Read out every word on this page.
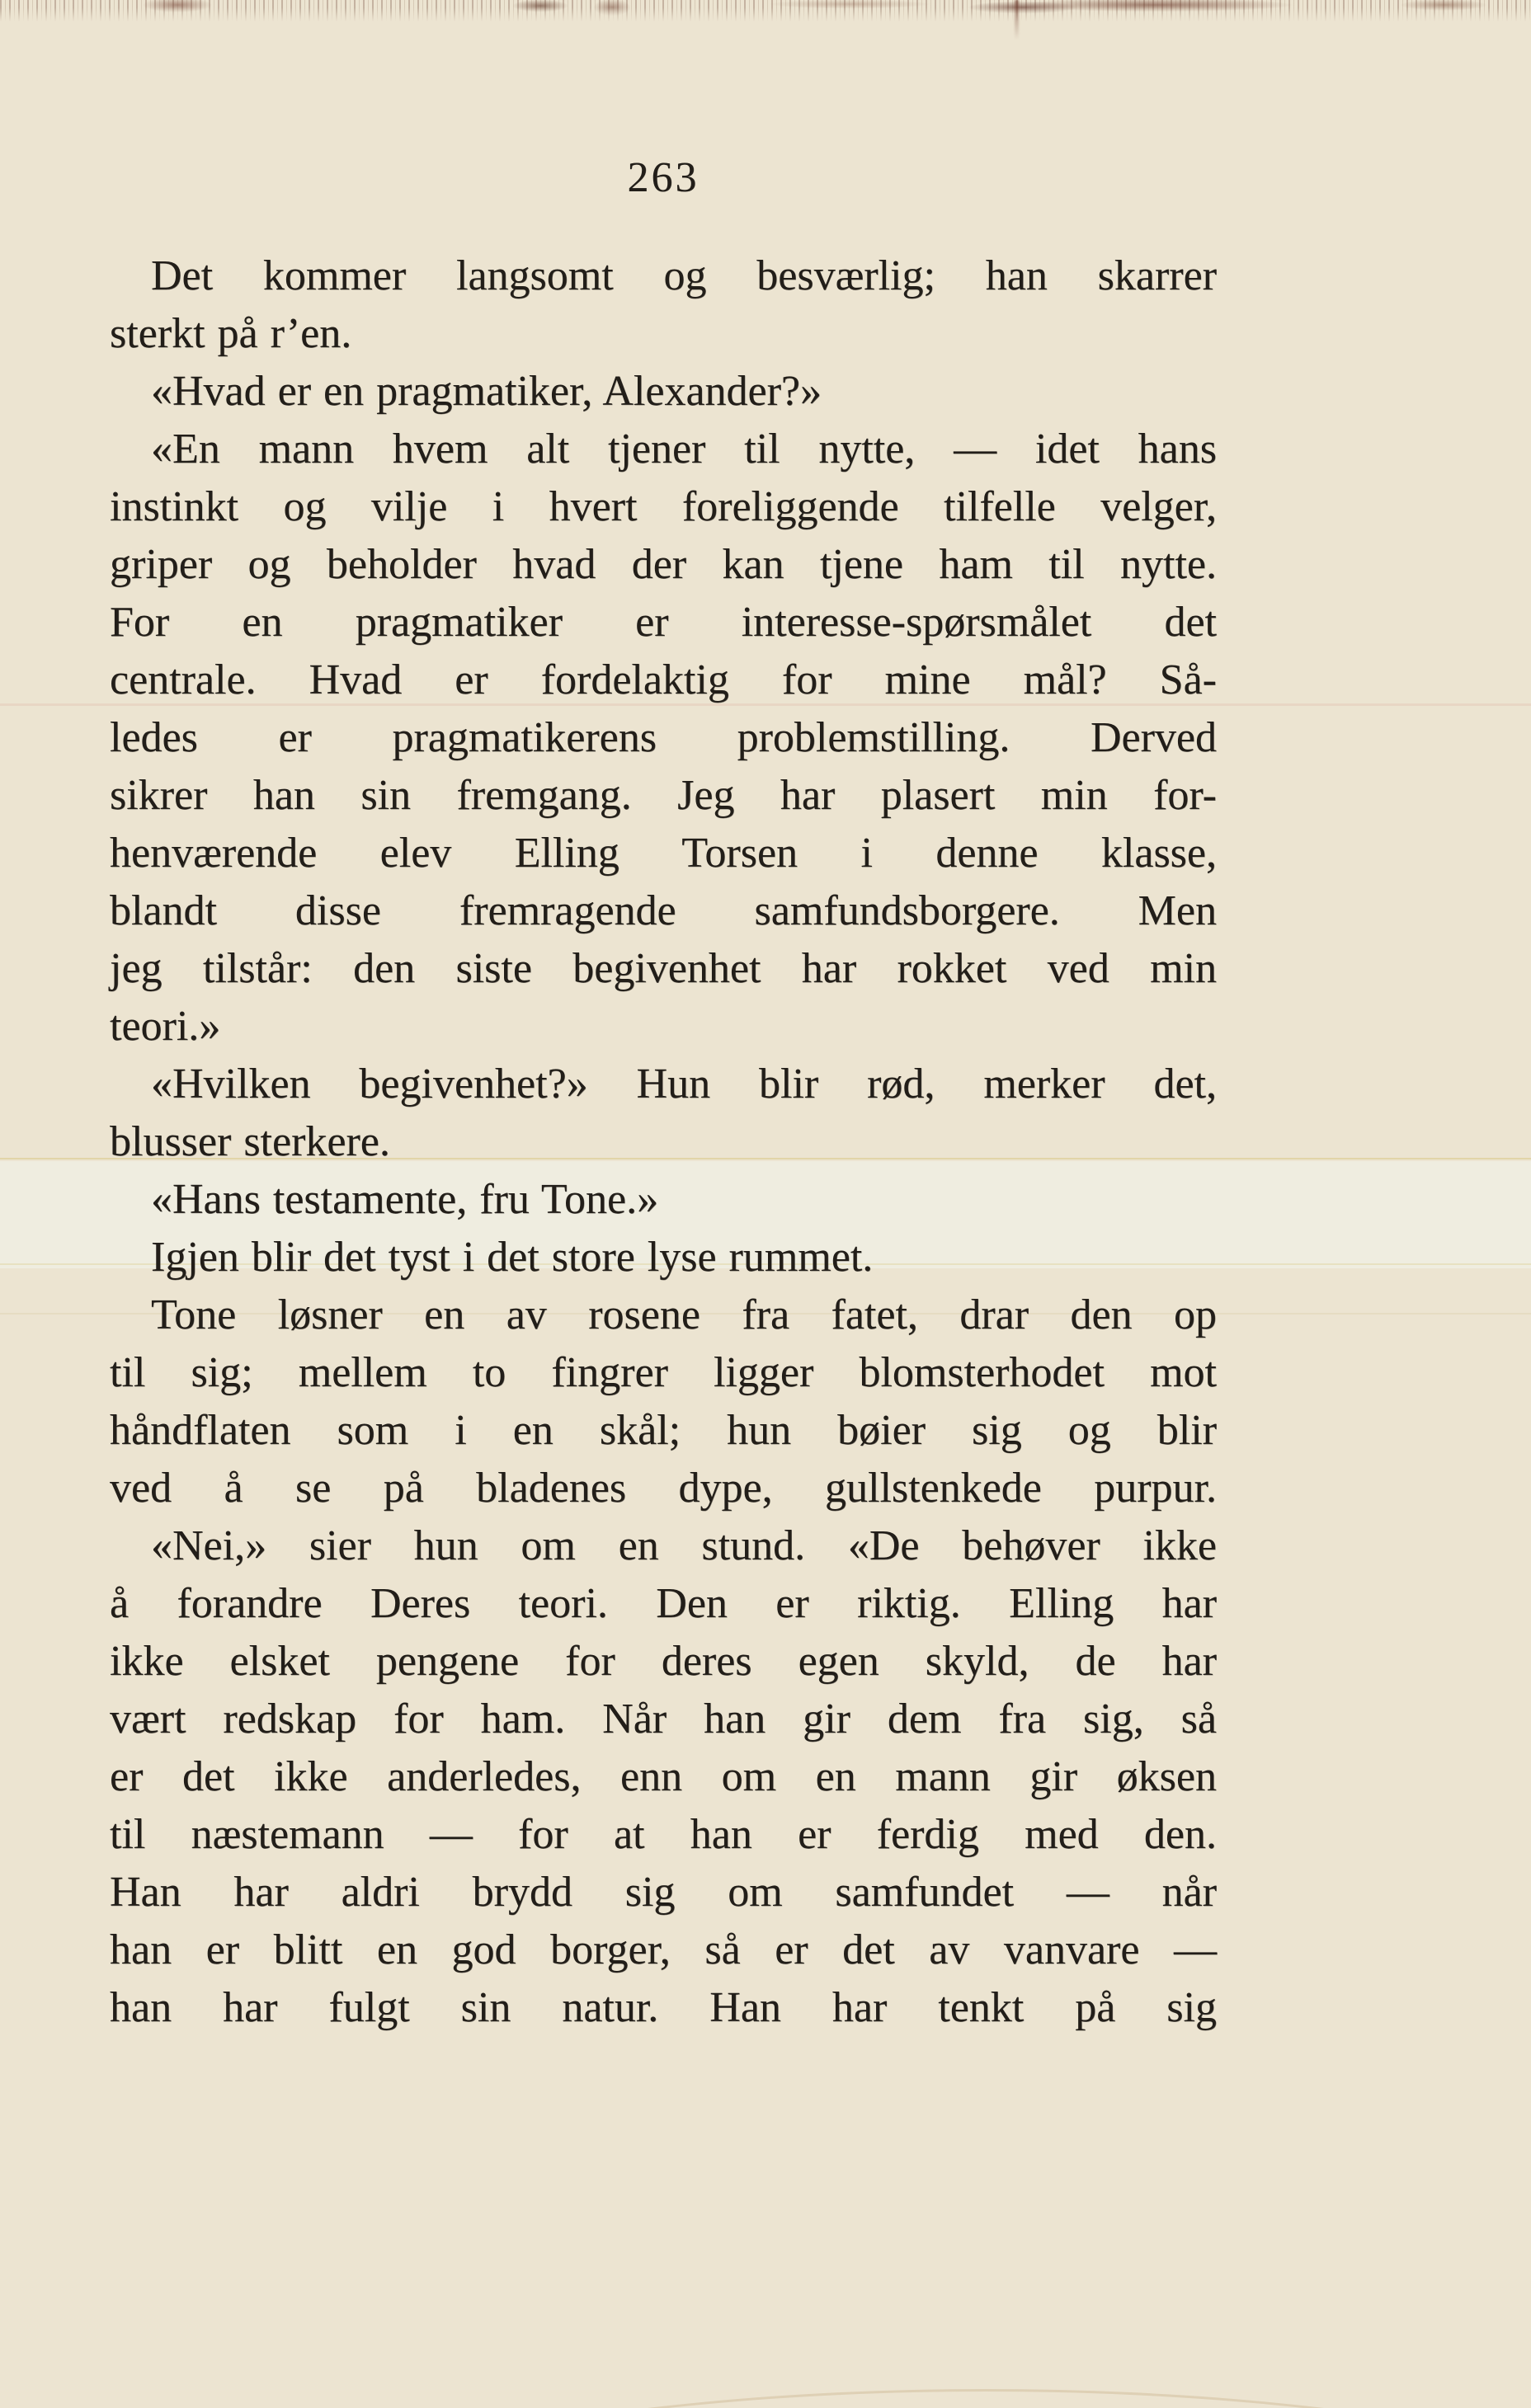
263
Det kommer langsomt og besværlig; han skarrer
sterkt på r’en.
«Hvad er en pragmatiker, Alexander?»
«En mann hvem alt tjener til nytte, — idet hans
instinkt og vilje i hvert foreliggende tilfelle velger,
griper og beholder hvad der kan tjene ham til nytte.
For en pragmatiker er interesse-spørsmålet det
centrale. Hvad er fordelaktig for mine mål? Så-
ledes er pragmatikerens problemstilling. Derved
sikrer han sin fremgang. Jeg har plasert min for-
henværende elev Elling Torsen i denne klasse,
blandt disse fremragende samfundsborgere. Men
jeg tilstår: den siste begivenhet har rokket ved min
teori.»
«Hvilken begivenhet?» Hun blir rød, merker det,
blusser sterkere.
«Hans testamente, fru Tone.»
Igjen blir det tyst i det store lyse rummet.
Tone løsner en av rosene fra fatet, drar den op
til sig; mellem to fingrer ligger blomsterhodet mot
håndflaten som i en skål; hun bøier sig og blir
ved å se på bladenes dype, gullstenkede purpur.
«Nei,» sier hun om en stund. «De behøver ikke
å forandre Deres teori. Den er riktig. Elling har
ikke elsket pengene for deres egen skyld, de har
vært redskap for ham. Når han gir dem fra sig, så
er det ikke anderledes, enn om en mann gir øksen
til næstemann — for at han er ferdig med den.
Han har aldri brydd sig om samfundet — når
han er blitt en god borger, så er det av vanvare —
han har fulgt sin natur. Han har tenkt på sig
